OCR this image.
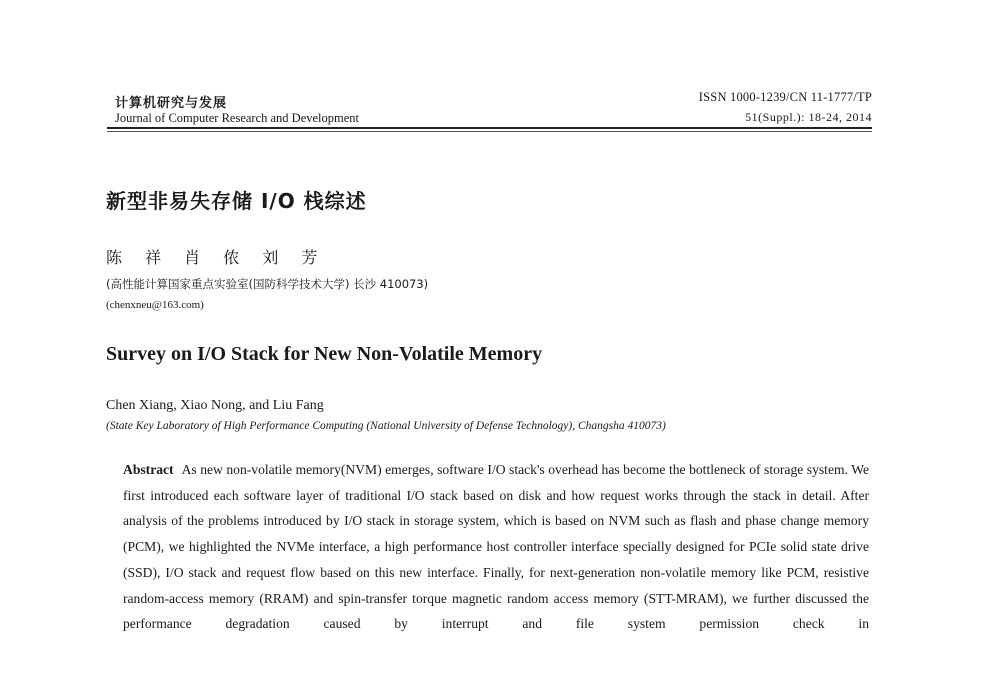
计算机研究与发展
Journal of Computer Research and Development
ISSN 1000-1239/CN 11-1777/TP
51(Suppl.): 18-24, 2014
新型非易失存储 I/O 栈综述
陈 祥 肖 侬 刘 芳
(高性能计算国家重点实验室(国防科学技术大学) 长沙 410073)
(chenxneu@163.com)
Survey on I/O Stack for New Non-Volatile Memory
Chen Xiang, Xiao Nong, and Liu Fang
(State Key Laboratory of High Performance Computing (National University of Defense Technology), Changsha 410073)
Abstract As new non-volatile memory(NVM) emerges, software I/O stack's overhead has become the bottleneck of storage system. We first introduced each software layer of traditional I/O stack based on disk and how request works through the stack in detail. After analysis of the problems introduced by I/O stack in storage system, which is based on NVM such as flash and phase change memory (PCM), we highlighted the NVMe interface, a high performance host controller interface specially designed for PCIe solid state drive (SSD), I/O stack and request flow based on this new interface. Finally, for next-generation non-volatile memory like PCM, resistive random-access memory (RRAM) and spin-transfer torque magnetic random access memory (STT-MRAM), we further discussed the performance degradation caused by interrupt and file system permission check in
